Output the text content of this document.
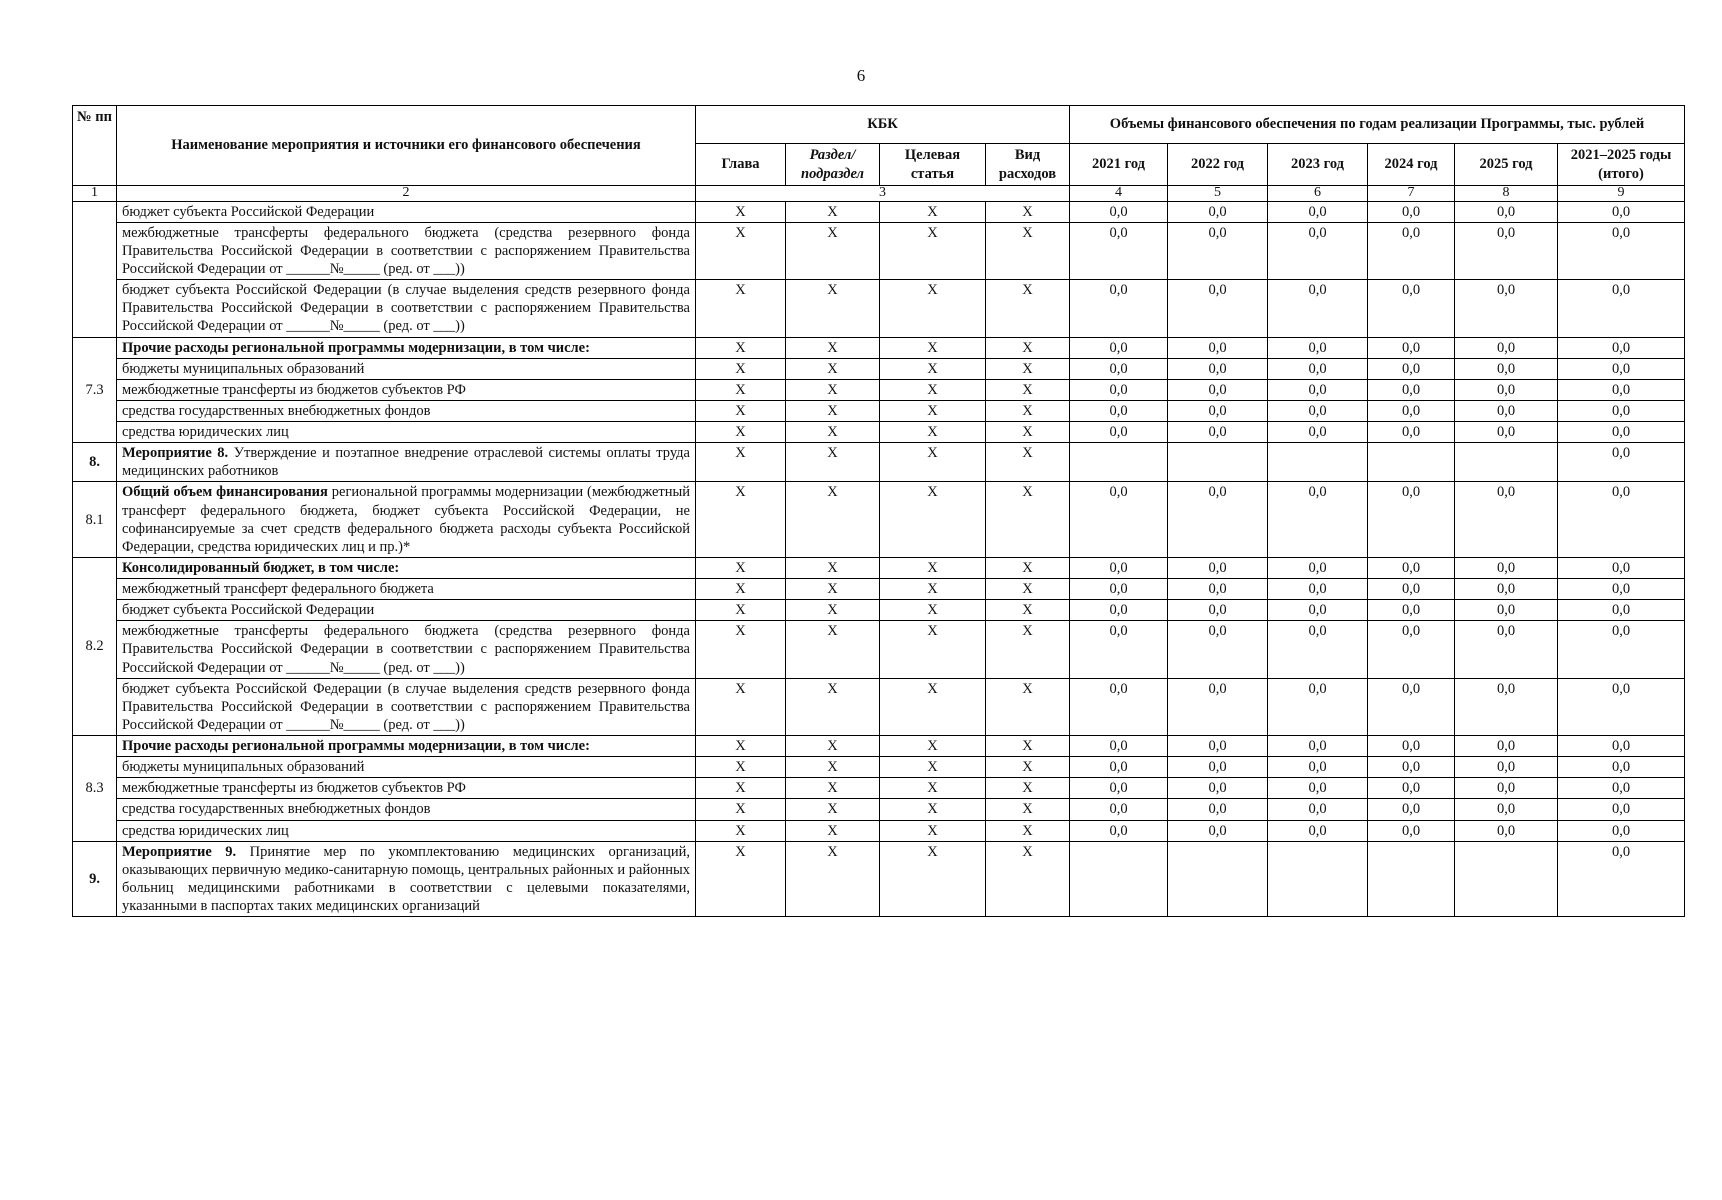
6
№ пп	Наименование мероприятия и источники его финансового обеспечения	КБК				Объемы финансового обеспечения по годам реализации Программы, тыс. рублей					
		Глава	Раздел/ подраздел	Целевая статья	Вид расходов	2021 год	2022 год	2023 год	2024 год	2025 год	2021–2025 годы (итого)
1	2	3				4	5	6	7	8	9
	бюджет субъекта Российской Федерации	X	X	X	X	0,0	0,0	0,0	0,0	0,0	0,0
	межбюджетные трансферты федерального бюджета (средства резервного фонда Правительства Российской Федерации в соответствии с распоряжением Правительства Российской Федерации от ______№_____ (ред. от ___))	X	X	X	X	0,0	0,0	0,0	0,0	0,0	0,0
	бюджет субъекта Российской Федерации (в случае выделения средств резервного фонда Правительства Российской Федерации в соответствии с распоряжением Правительства Российской Федерации от ______№_____ (ред. от ___))	X	X	X	X	0,0	0,0	0,0	0,0	0,0	0,0
7.3	Прочие расходы региональной программы модернизации, в том числе:	X	X	X	X	0,0	0,0	0,0	0,0	0,0	0,0
	бюджеты муниципальных образований	X	X	X	X	0,0	0,0	0,0	0,0	0,0	0,0
	межбюджетные трансферты из бюджетов субъектов РФ	X	X	X	X	0,0	0,0	0,0	0,0	0,0	0,0
	средства государственных внебюджетных фондов	X	X	X	X	0,0	0,0	0,0	0,0	0,0	0,0
	средства юридических лиц	X	X	X	X	0,0	0,0	0,0	0,0	0,0	0,0
8.	Мероприятие 8. Утверждение и поэтапное внедрение отраслевой системы оплаты труда медицинских работников	X	X	X	X						0,0
8.1	Общий объем финансирования региональной программы модернизации (межбюджетный трансферт федерального бюджета, бюджет субъекта Российской Федерации, не софинансируемые за счет средств федерального бюджета расходы субъекта Российской Федерации, средства юридических лиц и пр.)*	X	X	X	X	0,0	0,0	0,0	0,0	0,0	0,0
8.2	Консолидированный бюджет, в том числе:	X	X	X	X	0,0	0,0	0,0	0,0	0,0	0,0
	межбюджетный трансферт федерального бюджета	X	X	X	X	0,0	0,0	0,0	0,0	0,0	0,0
	бюджет субъекта Российской Федерации	X	X	X	X	0,0	0,0	0,0	0,0	0,0	0,0
	межбюджетные трансферты федерального бюджета (средства резервного фонда Правительства Российской Федерации в соответствии с распоряжением Правительства Российской Федерации от ______№_____ (ред. от ___))	X	X	X	X	0,0	0,0	0,0	0,0	0,0	0,0
	бюджет субъекта Российской Федерации (в случае выделения средств резервного фонда Правительства Российской Федерации в соответствии с распоряжением Правительства Российской Федерации от ______№_____ (ред. от ___))	X	X	X	X	0,0	0,0	0,0	0,0	0,0	0,0
8.3	Прочие расходы региональной программы модернизации, в том числе:	X	X	X	X	0,0	0,0	0,0	0,0	0,0	0,0
	бюджеты муниципальных образований	X	X	X	X	0,0	0,0	0,0	0,0	0,0	0,0
	межбюджетные трансферты из бюджетов субъектов РФ	X	X	X	X	0,0	0,0	0,0	0,0	0,0	0,0
	средства государственных внебюджетных фондов	X	X	X	X	0,0	0,0	0,0	0,0	0,0	0,0
	средства юридических лиц	X	X	X	X	0,0	0,0	0,0	0,0	0,0	0,0
9.	Мероприятие 9. Принятие мер по укомплектованию медицинских организаций, оказывающих первичную медико-санитарную помощь, центральных районных и районных больниц медицинскими работниками в соответствии с целевыми показателями, указанными в паспортах таких медицинских организаций	X	X	X	X						0,0
